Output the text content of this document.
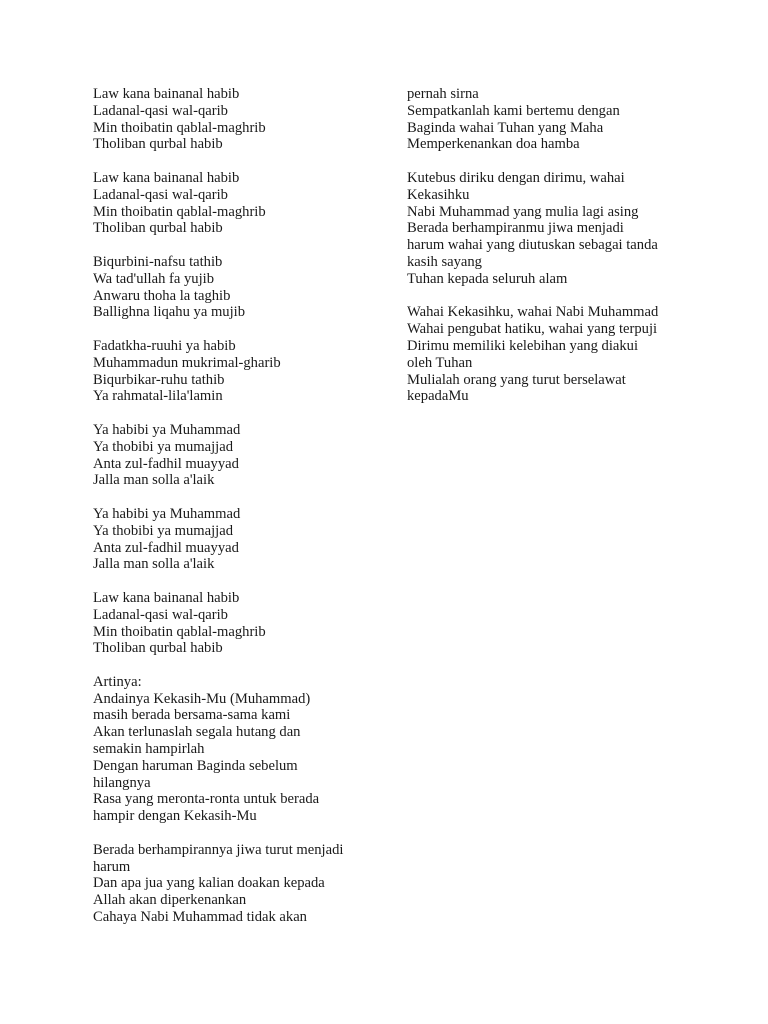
Law kana bainanal habib
Ladanal-qasi wal-qarib
Min thoibatin qablal-maghrib
Tholiban qurbal habib
Law kana bainanal habib
Ladanal-qasi wal-qarib
Min thoibatin qablal-maghrib
Tholiban qurbal habib
Biqurbini-nafsu tathib
Wa tad'ullah fa yujib
Anwaru thoha la taghib
Ballighna liqahu ya mujib
Fadatkha-ruuhi ya habib
Muhammadun mukrimal-gharib
Biqurbikar-ruhu tathib
Ya rahmatal-lila'lamin
Ya habibi ya Muhammad
Ya thobibi ya mumajjad
Anta zul-fadhil muayyad
Jalla man solla a'laik
Ya habibi ya Muhammad
Ya thobibi ya mumajjad
Anta zul-fadhil muayyad
Jalla man solla a'laik
Law kana bainanal habib
Ladanal-qasi wal-qarib
Min thoibatin qablal-maghrib
Tholiban qurbal habib
Artinya:
Andainya Kekasih-Mu (Muhammad)
masih berada bersama-sama kami
Akan terlunaslah segala hutang dan
semakin hampirlah
Dengan haruman Baginda sebelum
hilangnya
Rasa yang meronta-ronta untuk berada
hampir dengan Kekasih-Mu
Berada berhampirannya jiwa turut menjadi
harum
Dan apa jua yang kalian doakan kepada
Allah akan diperkenankan
Cahaya Nabi Muhammad tidak akan
pernah sirna
Sempatkanlah kami bertemu dengan
Baginda wahai Tuhan yang Maha
Memperkenankan doa hamba
Kutebus diriku dengan dirimu, wahai
Kekasihku
Nabi Muhammad yang mulia lagi asing
Berada berhampiranmu jiwa menjadi
harum wahai yang diutuskan sebagai tanda
kasih sayang
Tuhan kepada seluruh alam
Wahai Kekasihku, wahai Nabi Muhammad
Wahai pengubat hatiku, wahai yang terpuji
Dirimu memiliki kelebihan yang diakui
oleh Tuhan
Mulialah orang yang turut berselawat
kepadaMu
